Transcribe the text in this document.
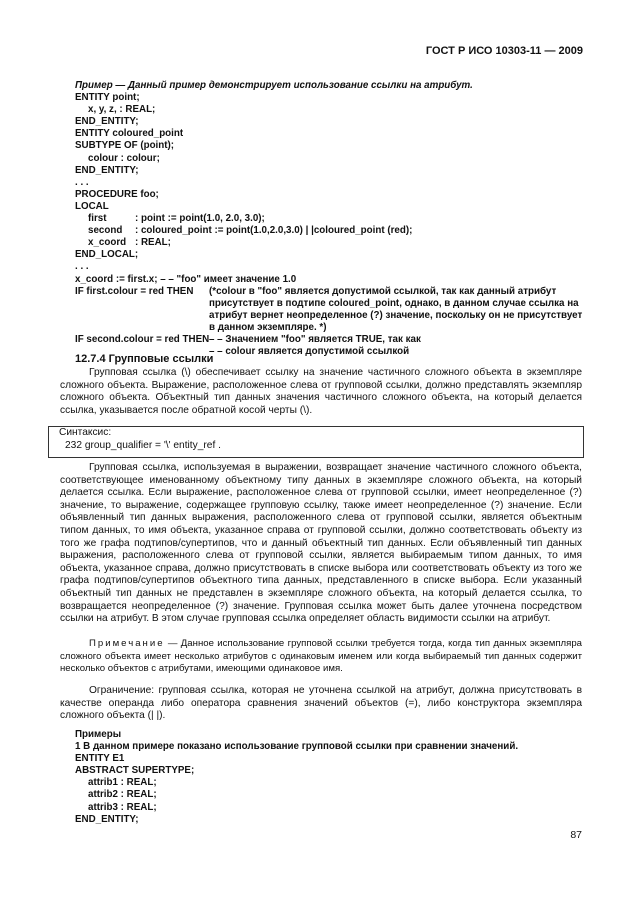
ГОСТ Р ИСО 10303-11 — 2009
Пример — Данный пример демонстрирует использование ссылки на атрибут.
ENTITY point;
x, y, z, : REAL;
END_ENTITY;
ENTITY coloured_point
SUBTYPE OF (point);
colour : colour;
END_ENTITY;
. . .
PROCEDURE foo;
LOCAL
first	: point := point(1.0, 2.0, 3.0);
second : coloured_point := point(1.0,2.0,3.0) | |coloured_point (red);
x_coord : REAL;
END_LOCAL;
. . .
x_coord := first.x; – – "foo" имеет значение 1.0
IF first.colour = red THEN	(*colour в "foo" является допустимой ссылкой, так как данный атрибут
присутствует в подтипе coloured_point, однако, в данном случае ссылка на
атрибут вернет неопределенное (?) значение, поскольку он не присутствует
в данном экземпляре. *)
IF second.colour = red THEN – – Значением "foo" является TRUE, так как
– – colour является допустимой ссылкой
12.7.4 Групповые ссылки

Групповая ссылка (\) обеспечивает ссылку на значение частичного сложного объекта в экземпляре сложного объекта. Выражение, расположенное слева от групповой ссылки, должно представлять экземпляр сложного объекта. Объектный тип данных значения частичного сложного объекта, на который делается ссылка, указывается после обратной косой черты (\).

Синтаксис:
232 group_qualifier = '\' entity_ref .

Групповая ссылка, используемая в выражении, возвращает значение частичного сложного объекта, соответствующее именованному объектному типу данных в экземпляре сложного объекта, на который делается ссылка. Если выражение, расположенное слева от групповой ссылки, имеет неопределенное (?) значение, то выражение, содержащее групповую ссылку, также имеет неопределенное (?) значение. Если объявленный тип данных выражения, расположенного слева от групповой ссылки, является объектным типом данных, то имя объекта, указанное справа от групповой ссылки, должно соответствовать объекту из того же графа подтипов/супертипов, что и данный объектный тип данных. Если объявленный тип данных выражения, расположенного слева от групповой ссылки, является выбираемым типом данных, то имя объекта, указанное справа, должно присутствовать в списке выбора или соответствовать объекту из того же графа подтипов/супертипов объектного типа данных, представленного в списке выбора. Если указанный объектный тип данных не представлен в экземпляре сложного объекта, на который делается ссылка, то возвращается неопределенное (?) значение. Групповая ссылка может быть далее уточнена посредством ссылки на атрибут. В этом случае групповая ссылка определяет область видимости ссылки на атрибут.

Примечание — Данное использование групповой ссылки требуется тогда, когда тип данных экземпляра сложного объекта имеет несколько атрибутов с одинаковым именем или когда выбираемый тип данных содержит несколько объектов с атрибутами, имеющими одинаковое имя.

Ограничение: групповая ссылка, которая не уточнена ссылкой на атрибут, должна присутствовать в качестве операнда либо оператора сравнения значений объектов (=), либо конструктора экземпляра сложного объекта (| |).

Примеры
1 В данном примере показано использование групповой ссылки при сравнении значений.
ENTITY E1
ABSTRACT SUPERTYPE;
attrib1 : REAL;
attrib2 : REAL;
attrib3 : REAL;
END_ENTITY;
87
